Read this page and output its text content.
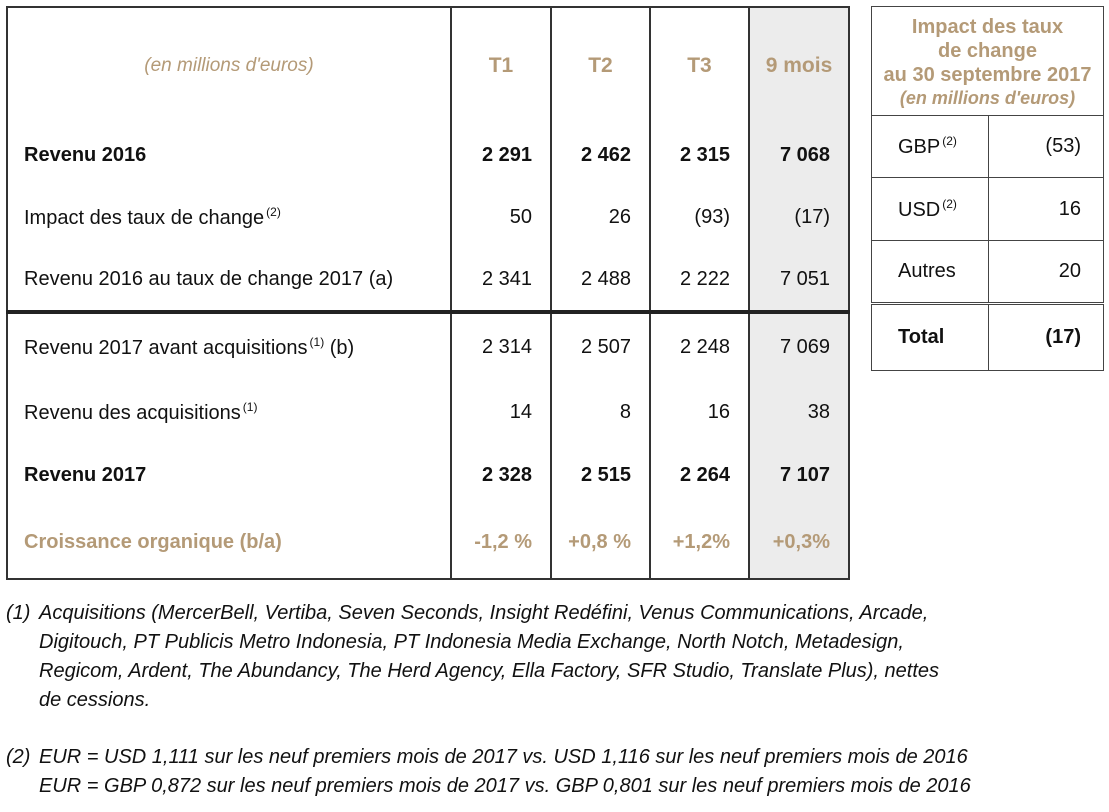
(en millions d'euros)	T1	T2	T3	9 mois
Revenu 2016	2 291	2 462	2 315	7 068
Impact des taux de change $^{(2)}$	50	26	(93)	(17)
Revenu 2016 au taux de change 2017 (a)	2 341	2 488	2 222	7 051
Revenu 2017 avant acquisitions $^{(1)}$ (b)	2 314	2 507	2 248	7 069
Revenu des acquisitions $^{(1)}$	14	8	16	38
Revenu 2017	2 328	2 515	2 264	7 107
Croissance organique (b/a)	-1,2 %	+0,8 %	+1,2%	+0,3%
Impact des taux
de change
au 30 septembre 2017
(en millions d'euros)	

GBP $^{(2)}$	(53)
USD $^{(2)}$	16
Autres	20
Total	(17)
(1) Acquisitions (MercerBell, Vertiba, Seven Seconds, Insight Redéfini, Venus Communications, Arcade,
Digitouch, PT Publicis Metro Indonesia, PT Indonesia Media Exchange, North Notch, Metadesign,
Regicom, Ardent, The Abundancy, The Herd Agency, Ella Factory, SFR Studio, Translate Plus), nettes
de cessions.
(2) EUR = USD 1,111 sur les neuf premiers mois de 2017 vs. USD 1,116 sur les neuf premiers mois de 2016
EUR = GBP 0,872 sur les neuf premiers mois de 2017 vs. GBP 0,801 sur les neuf premiers mois de 2016
